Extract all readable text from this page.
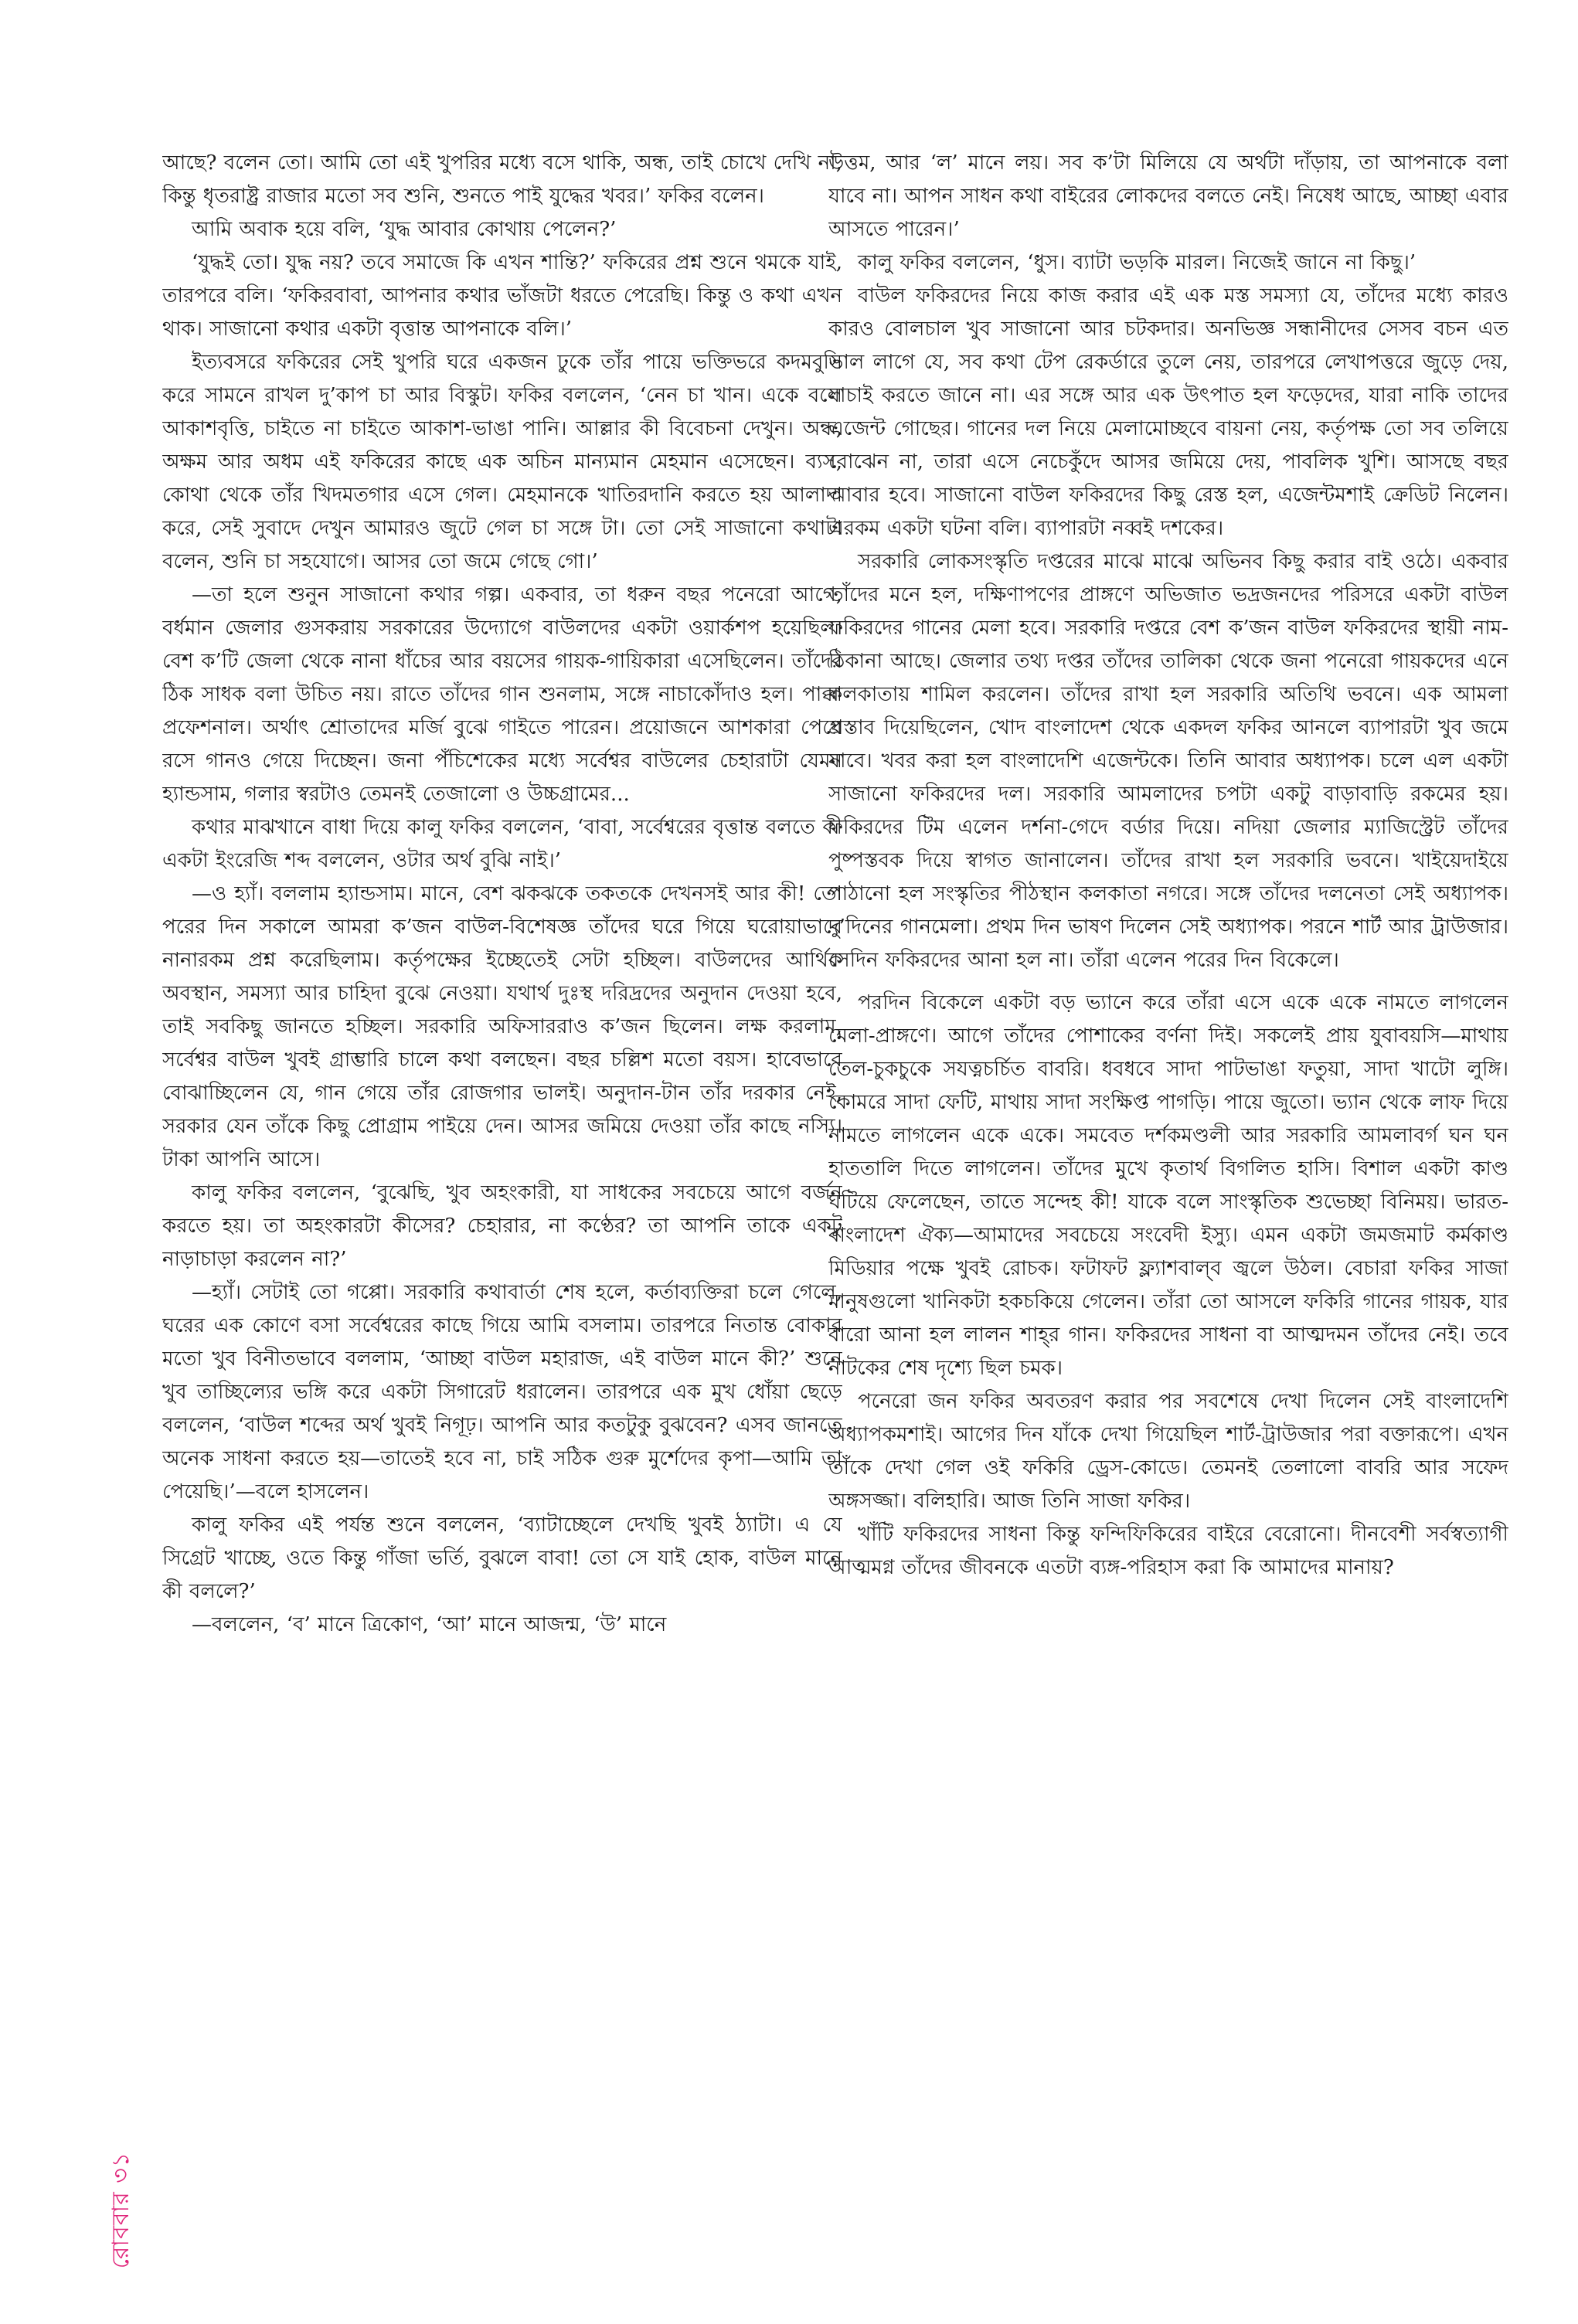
আছে? বলেন তো। আমি তো এই খুপরির মধ্যে বসে থাকি, অন্ধ, তাই চোখে দেখি না, কিন্তু ধৃতরাষ্ট্র রাজার মতো সব শুনি, শুনতে পাই যুদ্ধের খবর।’ ফকির বলেন।

আমি অবাক হয়ে বলি, ‘যুদ্ধ আবার কোথায় পেলেন?’

‘যুদ্ধই তো। যুদ্ধ নয়? তবে সমাজে কি এখন শান্তি?’ ফকিরের প্রশ্ন শুনে থমকে যাই, তারপরে বলি। ‘ফকিরবাবা, আপনার কথার ভাঁজটা ধরতে পেরেছি। কিন্তু ও কথা এখন থাক। সাজানো কথার একটা বৃত্তান্ত আপনাকে বলি।’

ইত্যবসরে ফকিরের সেই খুপরি ঘরে একজন ঢুকে তাঁর পায়ে ভক্তিভরে কদমবুসি করে সামনে রাখল দু’কাপ চা আর বিস্কুট। ফকির বললেন, ‘নেন চা খান। একে বলে আকাশবৃত্তি, চাইতে না চাইতে আকাশ-ভাঙা পানি। আল্লার কী বিবেচনা দেখুন। অন্ধ, অক্ষম আর অধম এই ফকিরের কাছে এক অচিন মান্যমান মেহমান এসেছেন। ব্যস, কোথা থেকে তাঁর খিদমতগার এসে গেল। মেহমানকে খাতিরদানি করতে হয় আলাদা করে, সেই সুবাদে দেখুন আমারও জুটে গেল চা সঙ্গে টা। তো সেই সাজানো কথাটা বলেন, শুনি চা সহযোগে। আসর তো জমে গেছে গো।’

—তা হলে শুনুন সাজানো কথার গল্প। একবার, তা ধরুন বছর পনেরো আগে, বর্ধমান জেলার গুসকরায় সরকারের উদ্যোগে বাউলদের একটা ওয়ার্কশপ হয়েছিল। বেশ ক’টি জেলা থেকে নানা ধাঁচের আর বয়সের গায়ক-গায়িকারা এসেছিলেন। তাঁদের ঠিক সাধক বলা উচিত নয়। রাতে তাঁদের গান শুনলাম, সঙ্গে নাচাকোঁদাও হল। পাক্কা প্রফেশনাল। অর্থাৎ শ্রোতাদের মর্জি বুঝে গাইতে পারেন। প্রয়োজনে আশকারা পেয়ে রসে গানও গেয়ে দিচ্ছেন। জনা পঁচিশেকের মধ্যে সর্বেশ্বর বাউলের চেহারাটা যেমন হ্যান্ডসাম, গলার স্বরটাও তেমনই তেজালো ও উচ্চগ্রামের...

কথার মাঝখানে বাধা দিয়ে কালু ফকির বললেন, ‘বাবা, সর্বেশ্বরের বৃত্তান্ত বলতে কী একটা ইংরেজি শব্দ বললেন, ওটার অর্থ বুঝি নাই।’

—ও হ্যাঁ। বললাম হ্যান্ডসাম। মানে, বেশ ঝকঝকে তকতকে দেখনসই আর কী! তো পরের দিন সকালে আমরা ক’জন বাউল-বিশেষজ্ঞ তাঁদের ঘরে গিয়ে ঘরোয়াভাবে নানারকম প্রশ্ন করেছিলাম। কর্তৃপক্ষের ইচ্ছেতেই সেটা হচ্ছিল। বাউলদের আর্থিক অবস্থান, সমস্যা আর চাহিদা বুঝে নেওয়া। যথার্থ দুঃস্থ দরিদ্রদের অনুদান দেওয়া হবে, তাই সবকিছু জানতে হচ্ছিল। সরকারি অফিসাররাও ক’জন ছিলেন। লক্ষ করলাম, সর্বেশ্বর বাউল খুবই গ্রাম্ভারি চালে কথা বলছেন। বছর চল্লিশ মতো বয়স। হাবেভাবে বোঝাচ্ছিলেন যে, গান গেয়ে তাঁর রোজগার ভালই। অনুদান-টান তাঁর দরকার নেই, সরকার যেন তাঁকে কিছু প্রোগ্রাম পাইয়ে দেন। আসর জমিয়ে দেওয়া তাঁর কাছে নস্যি। টাকা আপনি আসে।

কালু ফকির বললেন, ‘বুঝেছি, খুব অহংকারী, যা সাধকের সবচেয়ে আগে বর্জন করতে হয়। তা অহংকারটা কীসের? চেহারার, না কণ্ঠের? তা আপনি তাকে একটু নাড়াচাড়া করলেন না?’

—হ্যাঁ। সেটাই তো গপ্পো। সরকারি কথাবার্তা শেষ হলে, কর্তাব্যক্তিরা চলে গেলে, ঘরের এক কোণে বসা সর্বেশ্বরের কাছে গিয়ে আমি বসলাম। তারপরে নিতান্ত বোকার মতো খুব বিনীতভাবে বললাম, ‘আচ্ছা বাউল মহারাজ, এই বাউল মানে কী?’ শুনে খুব তাচ্ছিল্যের ভঙ্গি করে একটা সিগারেট ধরালেন। তারপরে এক মুখ ধোঁয়া ছেড়ে বললেন, ‘বাউল শব্দের অর্থ খুবই নিগূঢ়। আপনি আর কতটুকু বুঝবেন? এসব জানতে অনেক সাধনা করতে হয়—তাতেই হবে না, চাই সঠিক গুরু মুর্শেদের কৃপা—আমি তা পেয়েছি।’—বলে হাসলেন।

কালু ফকির এই পর্যন্ত শুনে বললেন, ‘ব্যাটাচ্ছেলে দেখছি খুবই ঠ্যাটা। এ যে সিগ্রেট খাচ্ছে, ওতে কিন্তু গাঁজা ভর্তি, বুঝলে বাবা! তো সে যাই হোক, বাউল মানে কী বললে?’

—বললেন, ‘ব’ মানে ত্রিকোণ, ‘আ’ মানে আজন্ম, ‘উ’ মানে

উত্তম, আর ‘ল’ মানে লয়। সব ক’টা মিলিয়ে যে অর্থটা দাঁড়ায়, তা আপনাকে বলা যাবে না। আপন সাধন কথা বাইরের লোকদের বলতে নেই। নিষেধ আছে, আচ্ছা এবার আসতে পারেন।’

কালু ফকির বললেন, ‘ধুস। ব্যাটা ভড়কি মারল। নিজেই জানে না কিছু।’

বাউল ফকিরদের নিয়ে কাজ করার এই এক মস্ত সমস্যা যে, তাঁদের মধ্যে কারও কারও বোলচাল খুব সাজানো আর চটকদার। অনভিজ্ঞ সন্ধানীদের সেসব বচন এত ভাল লাগে যে, সব কথা টেপ রেকর্ডারে তুলে নেয়, তারপরে লেখাপত্তরে জুড়ে দেয়, যাচাই করতে জানে না। এর সঙ্গে আর এক উৎপাত হল ফড়েদের, যারা নাকি তাদের এজেন্ট গোছের। গানের দল নিয়ে মেলামোচ্ছবে বায়না নেয়, কর্তৃপক্ষ তো সব তলিয়ে বোঝেন না, তারা এসে নেচেকুঁদে আসর জমিয়ে দেয়, পাবলিক খুশি। আসছে বছর আবার হবে। সাজানো বাউল ফকিরদের কিছু রেস্ত হল, এজেন্টমশাই ক্রেডিট নিলেন। এরকম একটা ঘটনা বলি। ব্যাপারটা নব্বই দশকের।

সরকারি লোকসংস্কৃতি দপ্তরের মাঝে মাঝে অভিনব কিছু করার বাই ওঠে। একবার তাঁদের মনে হল, দক্ষিণাপণের প্রাঙ্গণে অভিজাত ভদ্রজনদের পরিসরে একটা বাউল ফকিরদের গানের মেলা হবে। সরকারি দপ্তরে বেশ ক’জন বাউল ফকিরদের স্থায়ী নাম-ঠিকানা আছে। জেলার তথ্য দপ্তর তাঁদের তালিকা থেকে জনা পনেরো গায়কদের এনে কলকাতায় শামিল করলেন। তাঁদের রাখা হল সরকারি অতিথি ভবনে। এক আমলা প্রস্তাব দিয়েছিলেন, খোদ বাংলাদেশ থেকে একদল ফকির আনলে ব্যাপারটা খুব জমে যাবে। খবর করা হল বাংলাদেশি এজেন্টকে। তিনি আবার অধ্যাপক। চলে এল একটা সাজানো ফকিরদের দল। সরকারি আমলাদের চপটা একটু বাড়াবাড়ি রকমের হয়। ফকিরদের টিম এলেন দর্শনা-গেদে বর্ডার দিয়ে। নদিয়া জেলার ম্যাজিস্ট্রেট তাঁদের পুষ্পস্তবক দিয়ে স্বাগত জানালেন। তাঁদের রাখা হল সরকারি ভবনে। খাইয়েদাইয়ে পাঠানো হল সংস্কৃতির পীঠস্থান কলকাতা নগরে। সঙ্গে তাঁদের দলনেতা সেই অধ্যাপক। দু’দিনের গানমেলা। প্রথম দিন ভাষণ দিলেন সেই অধ্যাপক। পরনে শার্ট আর ট্রাউজার। সেদিন ফকিরদের আনা হল না। তাঁরা এলেন পরের দিন বিকেলে।

পরদিন বিকেলে একটা বড় ভ্যানে করে তাঁরা এসে একে একে নামতে লাগলেন মেলা-প্রাঙ্গণে। আগে তাঁদের পোশাকের বর্ণনা দিই। সকলেই প্রায় যুবাবয়সি—মাথায় তেল-চুকচুকে সযত্নচর্চিত বাবরি। ধবধবে সাদা পাটভাঙা ফতুয়া, সাদা খাটো লুঙ্গি। কোমরে সাদা ফেটি, মাথায় সাদা সংক্ষিপ্ত পাগড়ি। পায়ে জুতো। ভ্যান থেকে লাফ দিয়ে নামতে লাগলেন একে একে। সমবেত দর্শকমণ্ডলী আর সরকারি আমলাবর্গ ঘন ঘন হাততালি দিতে লাগলেন। তাঁদের মুখে কৃতার্থ বিগলিত হাসি। বিশাল একটা কাণ্ড ঘটিয়ে ফেলেছেন, তাতে সন্দেহ কী! যাকে বলে সাংস্কৃতিক শুভেচ্ছা বিনিময়। ভারত-বাংলাদেশ ঐক্য—আমাদের সবচেয়ে সংবেদী ইস্যু। এমন একটা জমজমাট কর্মকাণ্ড মিডিয়ার পক্ষে খুবই রোচক। ফটাফট ফ্ল্যাশবাল্‌ব জ্বলে উঠল। বেচারা ফকির সাজা মানুষগুলো খানিকটা হকচকিয়ে গেলেন। তাঁরা তো আসলে ফকিরি গানের গায়ক, যার বারো আনা হল লালন শাহ্‌র গান। ফকিরদের সাধনা বা আত্মদমন তাঁদের নেই। তবে নাটকের শেষ দৃশ্যে ছিল চমক।

পনেরো জন ফকির অবতরণ করার পর সবশেষে দেখা দিলেন সেই বাংলাদেশি অধ্যাপকমশাই। আগের দিন যাঁকে দেখা গিয়েছিল শার্ট-ট্রাউজার পরা বক্তারূপে। এখন তাঁকে দেখা গেল ওই ফকিরি ড্রেস-কোডে। তেমনই তেলালো বাবরি আর সফেদ অঙ্গসজ্জা। বলিহারি। আজ তিনি সাজা ফকির।

খাঁটি ফকিরদের সাধনা কিন্তু ফন্দিফিকিরের বাইরে বেরোনো। দীনবেশী সর্বস্বত্যাগী আত্মমগ্ন তাঁদের জীবনকে এতটা ব্যঙ্গ-পরিহাস করা কি আমাদের মানায়?

রোববার ৩১
